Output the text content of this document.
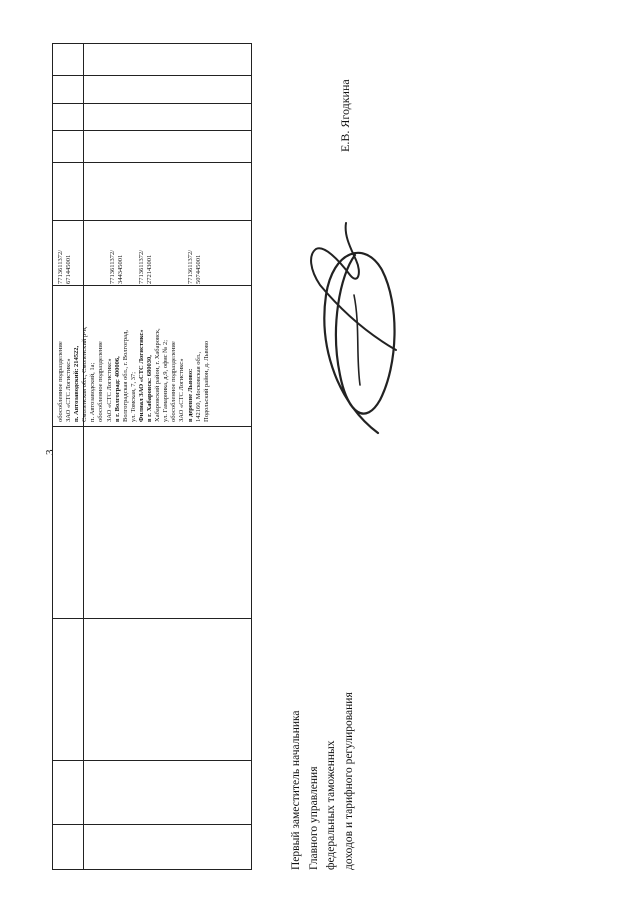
3
обособленное подразделение ЗАО «СТС Логистикс» п. Автозаводский: 214522, Смоленская обл., Смоленский р-н, п. Автозаводский, 1а; обособленное подразделение ЗАО «СТС Логистикс» в г. Волгоград: 400006, Волгоградская обл., г. Волгоград, ул. Томская, 7, 37; Филиал ЗАО «СТС Логистикс» в г. Хабаровск: 680030, Хабаровский район, г. Хабаровск, ул. Гамарника, д.9, офис № 2; обособленное подразделение ЗАО «СТС Логистикс» в деревне Львово: 142160, Московская обл., Подольский район, д. Львово
7713611372/
671445001	7713611372/
344345001 7713611372/
272143001	7713611372/
507445001
Первый заместитель начальника Главного управления федеральных таможенных доходов и тарифного регулирования
Е.В. Ягодкина
